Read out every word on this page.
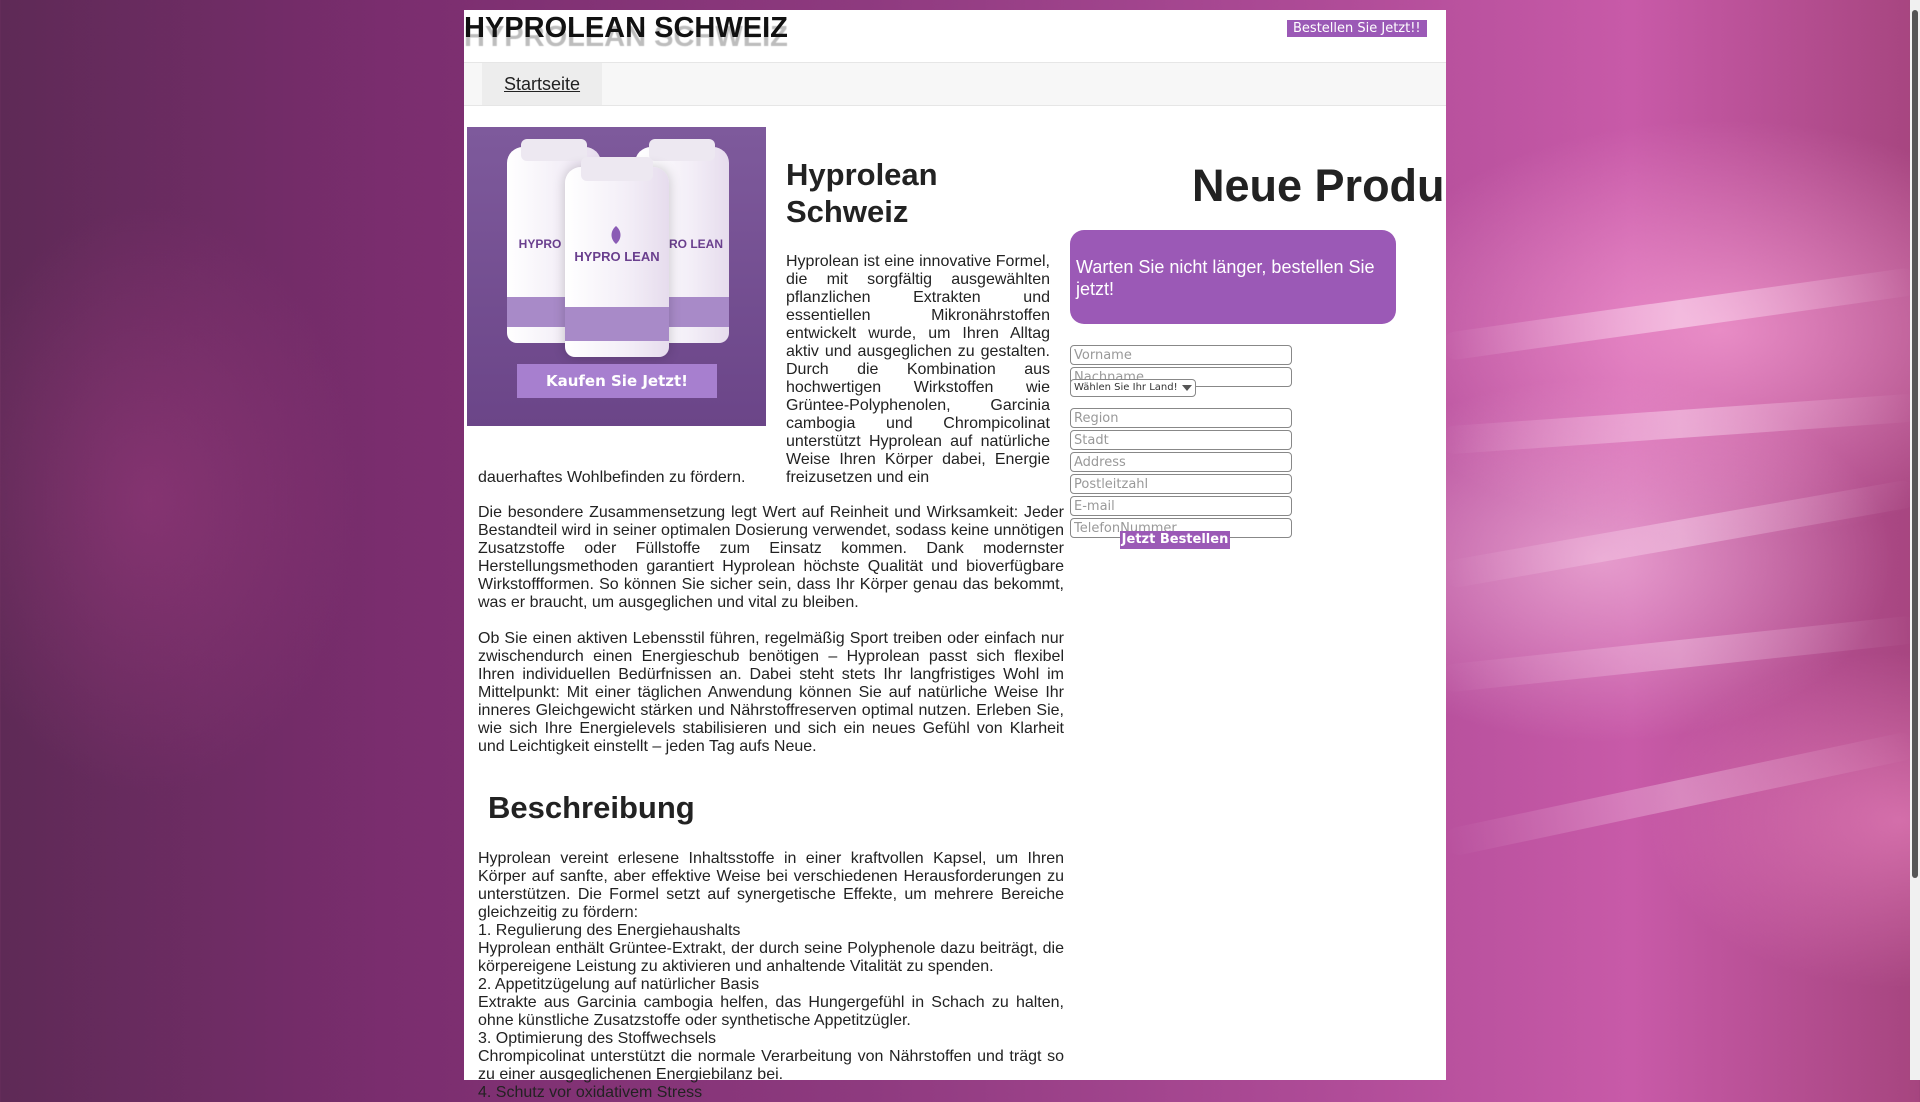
HYPROLEAN SCHWEIZ	Bestellen Sie Jetzt!!
Startseite
HYPRO	RO LEAN
HYPRO LEAN
Kaufen Sie Jetzt!
Hyprolean Schweiz

Hyprolean ist eine innovative Formel, die mit sorgfältig ausgewählten pflanzlichen Extrakten und essentiellen Mikronährstoffen entwickelt wurde, um Ihren Alltag aktiv und ausgeglichen zu gestalten. Durch die Kombination aus hochwertigen Wirkstoffen wie Grüntee-Polyphenolen, Garcinia cambogia und Chrompicolinat unterstützt Hyprolean auf natürliche Weise Ihren Körper dabei, Energie freizusetzen und ein

dauerhaftes Wohlbefinden zu fördern.

Die besondere Zusammensetzung legt Wert auf Reinheit und Wirksamkeit: Jeder Bestandteil wird in seiner optimalen Dosierung verwendet, sodass keine unnötigen Zusatzstoffe oder Füllstoffe zum Einsatz kommen. Dank modernster Herstellungsmethoden garantiert Hyprolean höchste Qualität und bioverfügbare Wirkstoffformen. So können Sie sicher sein, dass Ihr Körper genau das bekommt, was er braucht, um ausgeglichen und vital zu bleiben.

Ob Sie einen aktiven Lebensstil führen, regelmäßig Sport treiben oder einfach nur zwischendurch einen Energieschub benötigen – Hyprolean passt sich flexibel Ihren individuellen Bedürfnissen an. Dabei steht stets Ihr langfristiges Wohl im Mittelpunkt: Mit einer täglichen Anwendung können Sie auf natürliche Weise Ihr inneres Gleichgewicht stärken und Nährstoffreserven optimal nutzen. Erleben Sie, wie sich Ihre Energielevels stabilisieren und sich ein neues Gefühl von Klarheit und Leichtigkeit einstellt – jeden Tag aufs Neue.

Beschreibung

Hyprolean vereint erlesene Inhaltsstoffe in einer kraftvollen Kapsel, um Ihren Körper auf sanfte, aber effektive Weise bei verschiedenen Herausforderungen zu unterstützen. Die Formel setzt auf synergetische Effekte, um mehrere Bereiche gleichzeitig zu fördern:

1. Regulierung des Energiehaushalts

Hyprolean enthält Grüntee-Extrakt, der durch seine Polyphenole dazu beiträgt, die körpereigene Leistung zu aktivieren und anhaltende Vitalität zu spenden.

2. Appetitzügelung auf natürlicher Basis

Extrakte aus Garcinia cambogia helfen, das Hungergefühl in Schach zu halten, ohne künstliche Zusatzstoffe oder synthetische Appetitzügler.

3. Optimierung des Stoffwechsels

Chrompicolinat unterstützt die normale Verarbeitung von Nährstoffen und trägt so zu einer ausgeglichenen Energiebilanz bei.

4. Schutz vor oxidativem Stress

Neue Produ
Warten Sie nicht länger, bestellen Sie jetzt!
Vorname
Nachname
Wählen Sie Ihr Land!
Region
Stadt
Address
Postleitzahl
E-mail
TelefonNummer
Jetzt Bestellen
